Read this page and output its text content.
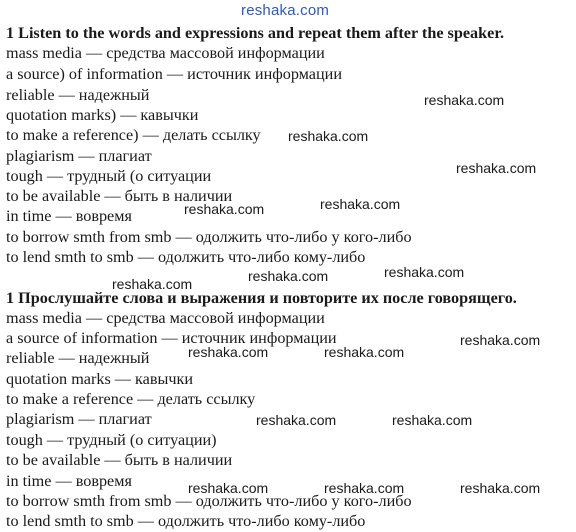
reshaka.com
1 Listen to the words and expressions and repeat them after the speaker.
mass media — средства массовой информации
a source) of information — источник информации
reliable — надежный
quotation marks) — кавычки
to make a reference) — делать ссылку
plagiarism — плагиат
tough — трудный (о ситуации
to be available — быть в наличии
in time — вовремя
to borrow smth from smb — одолжить что-либо у кого-либо
to lend smth to smb — одолжить что-либо кому-либо
1 Прослушайте слова и выражения и повторите их после говорящего.
mass media — средства массовой информации
a source of information — источник информации
reliable — надежный
quotation marks — кавычки
to make a reference — делать ссылку
plagiarism — плагиат
tough — трудный (о ситуации)
to be available — быть в наличии
in time — вовремя
to borrow smth from smb — одолжить что-либо у кого-либо
to lend smth to smb — одолжить что-либо кому-либо
reshaka.com
reshaka.com
reshaka.com
reshaka.com
reshaka.com
reshaka.com
reshaka.com
reshaka.com
reshaka.com
reshaka.com	reshaka.com
reshaka.com	reshaka.com
reshaka.com	reshaka.com	reshaka.com
